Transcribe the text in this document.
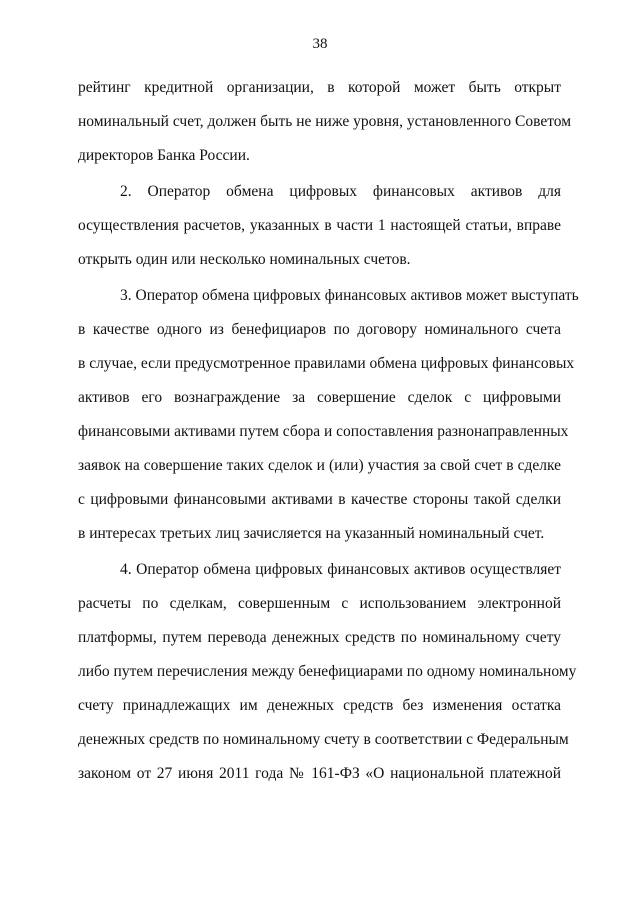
38
рейтинг кредитной организации, в которой может быть открыт
номинальный счет, должен быть не ниже уровня, установленного Советом
директоров Банка России.
2. Оператор обмена цифровых финансовых активов для
осуществления расчетов, указанных в части 1 настоящей статьи, вправе
открыть один или несколько номинальных счетов.
3. Оператор обмена цифровых финансовых активов может выступать
в качестве одного из бенефициаров по договору номинального счета
в случае, если предусмотренное правилами обмена цифровых финансовых
активов его вознаграждение за совершение сделок с цифровыми
финансовыми активами путем сбора и сопоставления разнонаправленных
заявок на совершение таких сделок и (или) участия за свой счет в сделке
с цифровыми финансовыми активами в качестве стороны такой сделки
в интересах третьих лиц зачисляется на указанный номинальный счет.
4. Оператор обмена цифровых финансовых активов осуществляет
расчеты по сделкам, совершенным с использованием электронной
платформы, путем перевода денежных средств по номинальному счету
либо путем перечисления между бенефициарами по одному номинальному
счету принадлежащих им денежных средств без изменения остатка
денежных средств по номинальному счету в соответствии с Федеральным
законом от 27 июня 2011 года № 161-ФЗ «О национальной платежной
